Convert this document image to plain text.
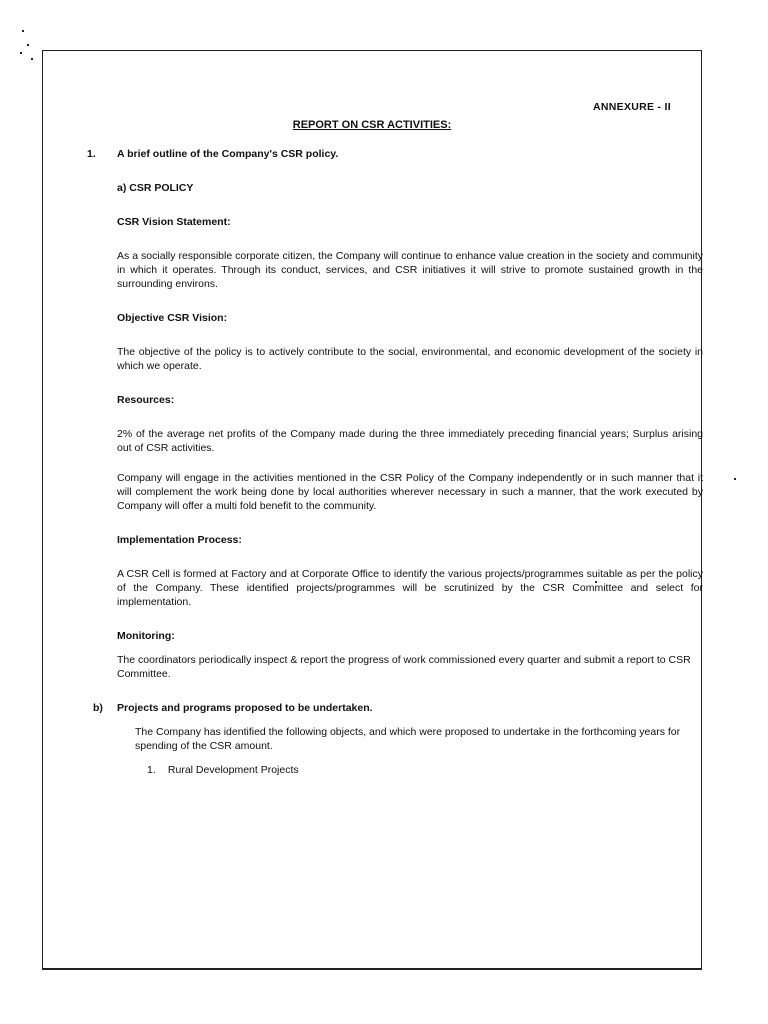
ANNEXURE - II
REPORT ON CSR ACTIVITIES:
1. A brief outline of the Company's CSR policy.

a) CSR POLICY

CSR Vision Statement:

As a socially responsible corporate citizen, the Company will continue to enhance value creation in the society and community in which it operates. Through its conduct, services, and CSR initiatives it will strive to promote sustained growth in the surrounding environs.

Objective CSR Vision:

The objective of the policy is to actively contribute to the social, environmental, and economic development of the society in which we operate.

Resources:

2% of the average net profits of the Company made during the three immediately preceding financial years; Surplus arising out of CSR activities.

Company will engage in the activities mentioned in the CSR Policy of the Company independently or in such manner that it will complement the work being done by local authorities wherever necessary in such a manner, that the work executed by Company will offer a multi fold benefit to the community.

Implementation Process:

A CSR Cell is formed at Factory and at Corporate Office to identify the various projects/programmes suitable as per the policy of the Company. These identified projects/programmes will be scrutinized by the CSR Committee and select for implementation.

Monitoring:

The coordinators periodically inspect & report the progress of work commissioned every quarter and submit a report to CSR Committee.

b) Projects and programs proposed to be undertaken.

The Company has identified the following objects, and which were proposed to undertake in the forthcoming years for spending of the CSR amount.

1. Rural Development Projects
